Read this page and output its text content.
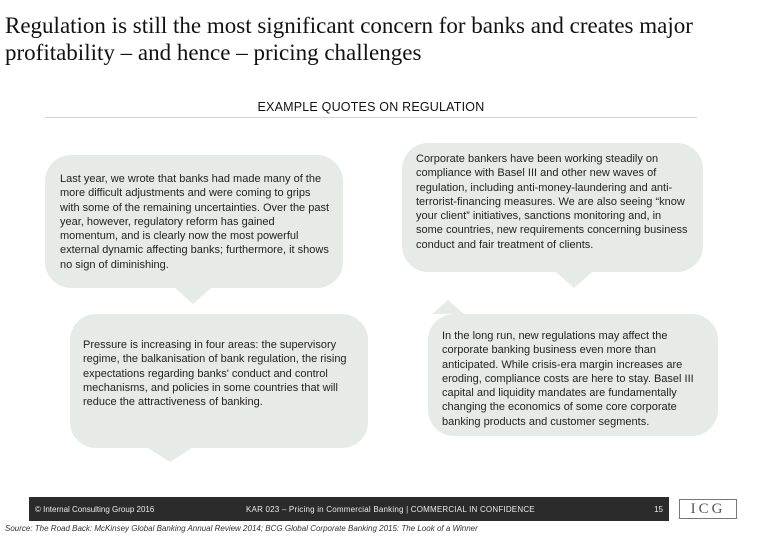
Regulation is still the most significant concern for banks and creates major profitability – and hence – pricing challenges
EXAMPLE QUOTES ON REGULATION
Last year, we wrote that banks had made many of the more difficult adjustments and were coming to grips with some of the remaining uncertainties. Over the past year, however, regulatory reform has gained momentum, and is clearly now the most powerful external dynamic affecting banks; furthermore, it shows no sign of diminishing.
Corporate bankers have been working steadily on compliance with Basel III and other new waves of regulation, including anti-money-laundering and anti-terrorist-financing measures. We are also seeing “know your client” initiatives, sanctions monitoring and, in some countries, new requirements concerning business conduct and fair treatment of clients.
Pressure is increasing in four areas: the supervisory regime, the balkanisation of bank regulation, the rising expectations regarding banks' conduct and control mechanisms, and policies in some countries that will reduce the attractiveness of banking.
In the long run, new regulations may affect the corporate banking business even more than anticipated. While crisis-era margin increases are eroding, compliance costs are here to stay. Basel III capital and liquidity mandates are fundamentally changing the economics of some core corporate banking products and customer segments.
© Internal Consulting Group 2016	KAR 023 – Pricing in Commercial Banking | COMMERCIAL IN CONFIDENCE	15	ICG
Source: The Road Back: McKinsey Global Banking Annual Review 2014; BCG Global Corporate Banking 2015: The Look of a Winner
